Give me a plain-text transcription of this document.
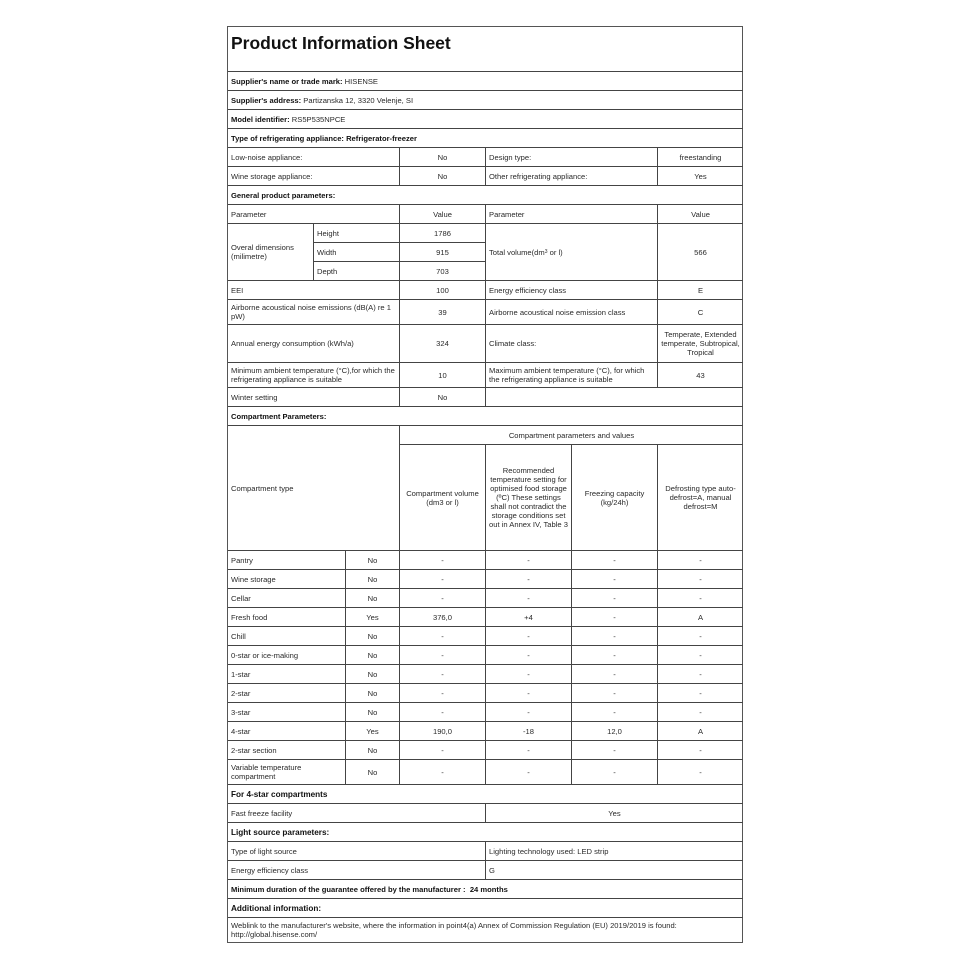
Product Information Sheet
Supplier's name or trade mark:
HISENSE
Supplier's address:
Partizanska 12, 3320 Velenje, SI
Model identifier:
RS5P535NPCE
Type of refrigerating appliance:
Refrigerator-freezer
Low-noise appliance:	No	Design type:	freestanding
Wine storage appliance:	No	Other refrigerating appliance:	Yes
General product parameters:
Parameter	Value	Parameter	Value
Overal dimensions (milimetre)
Height	1786
Width	915
Depth	703
Total volume(dm 3 or l)	566
EEI	100	Energy efficiency class	E
Airborne acoustical noise emissions (dB(A) re 1 pW)	39	Airborne acoustical noise emission class	C
Annual energy consumption (kWh/a)	324	Climate class:
Temperate, Extended temperate, Subtropical, Tropical
Minimum ambient temperature (°C),for which the refrigerating appliance is suitable	10	Maximum ambient temperature (°C), for which the refrigerating appliance is suitable	43
Winter setting	No
Compartment Parameters:
Compartment type
Compartment parameters and values
Compartment volume (dm3 or l)
Recommended temperature setting for optimised food storage (ºC) These settings shall not contradict the storage conditions set out in Annex IV, Table 3
Freezing capacity (kg/24h)
Defrosting type auto-defrost=A, manual defrost=M
Pantry	No	-	-	-	-
Wine storage	No	-	-	-	-
Cellar	No	-	-	-	-
Fresh food	Yes	376,0	+4	-	A
Chill	No	-	-	-	-
0-star or ice-making	No	-	-	-	-
1-star	No	-	-	-	-
2-star	No	-	-	-	-
3-star	No	-	-	-	-
4-star	Yes	190,0	-18	12,0	A
2-star section	No	-	-	-	-
Variable temperature compartment	No	-	-	-	-
For 4-star compartments
Fast freeze facility	Yes
Light source parameters:
Type of light source	Lighting technology used: LED strip
Energy efficiency class	G
Minimum duration of the guarantee offered by the manufacturer :
24 months
Additional information:
Weblink to the manufacturer's website, where the information in point4(a) Annex of Commission Regulation (EU) 2019/2019 is found:  http://global.hisense.com/
